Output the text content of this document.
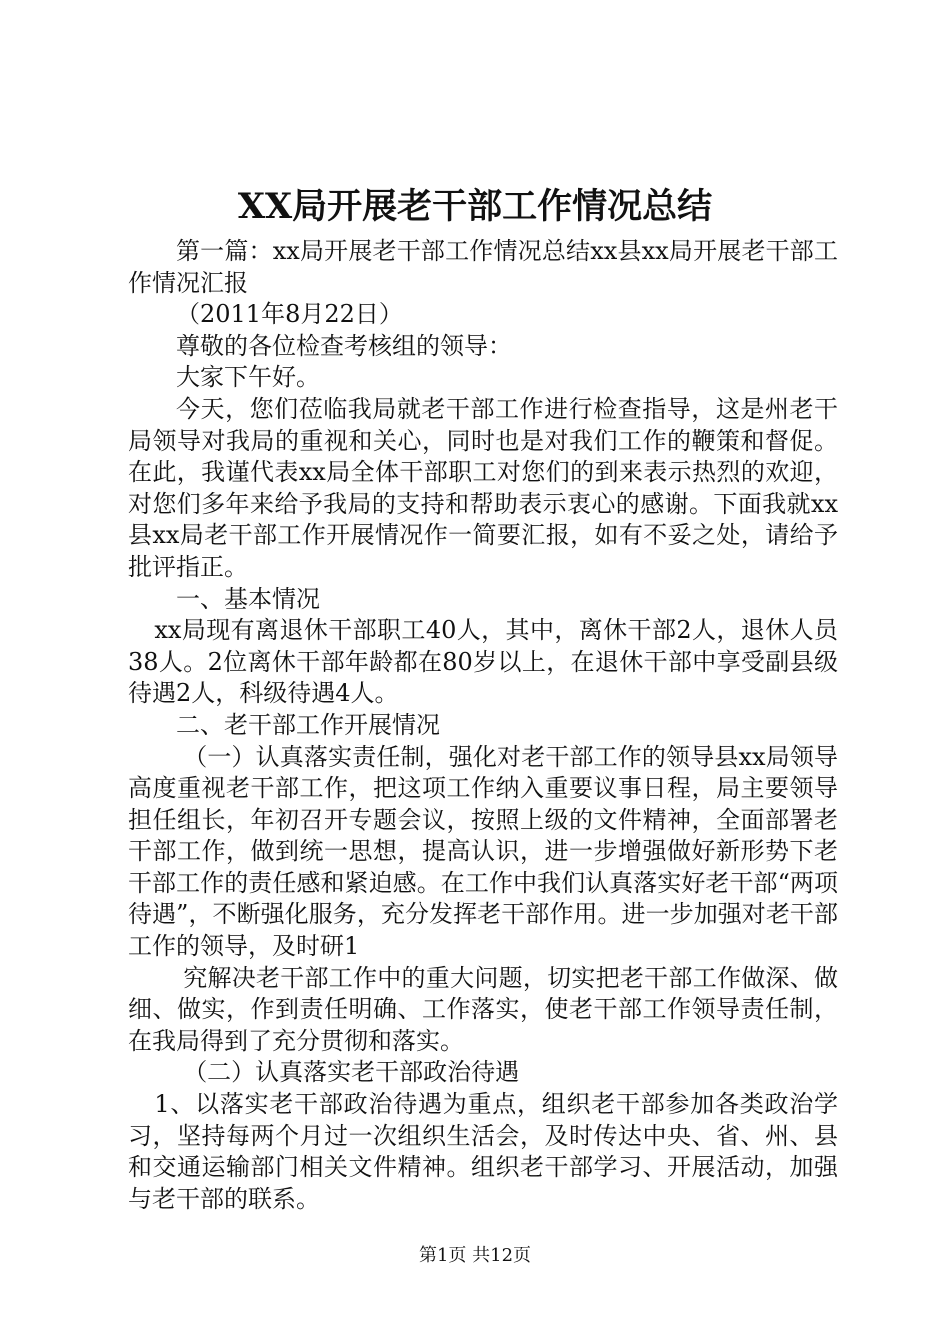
XX局开展老干部工作情况总结

第一篇：xx局开展老干部工作情况总结xx县xx局开展老干部工作情况汇报

（2011年8月22日）

尊敬的各位检查考核组的领导：

大家下午好。

今天，您们莅临我局就老干部工作进行检查指导，这是州老干局领导对我局的重视和关心，同时也是对我们工作的鞭策和督促。在此，我谨代表xx局全体干部职工对您们的到来表示热烈的欢迎，对您们多年来给予我局的支持和帮助表示衷心的感谢。下面我就xx县xx局老干部工作开展情况作一简要汇报，如有不妥之处，请给予批评指正。

一、基本情况

xx局现有离退休干部职工40人，其中，离休干部2人，退休人员38人。2位离休干部年龄都在80岁以上，在退休干部中享受副县级待遇2人，科级待遇4人。

二、老干部工作开展情况

（一）认真落实责任制，强化对老干部工作的领导县xx局领导高度重视老干部工作，把这项工作纳入重要议事日程，局主要领导担任组长，年初召开专题会议，按照上级的文件精神，全面部署老干部工作，做到统一思想，提高认识，进一步增强做好新形势下老干部工作的责任感和紧迫感。在工作中我们认真落实好老干部“两项待遇”，不断强化服务，充分发挥老干部作用。进一步加强对老干部工作的领导，及时研1

究解决老干部工作中的重大问题，切实把老干部工作做深、做细、做实，作到责任明确、工作落实，使老干部工作领导责任制，在我局得到了充分贯彻和落实。

（二）认真落实老干部政治待遇

1、以落实老干部政治待遇为重点，组织老干部参加各类政治学习，坚持每两个月过一次组织生活会，及时传达中央、省、州、县和交通运输部门相关文件精神。组织老干部学习、开展活动，加强与老干部的联系。

第1页 共12页
